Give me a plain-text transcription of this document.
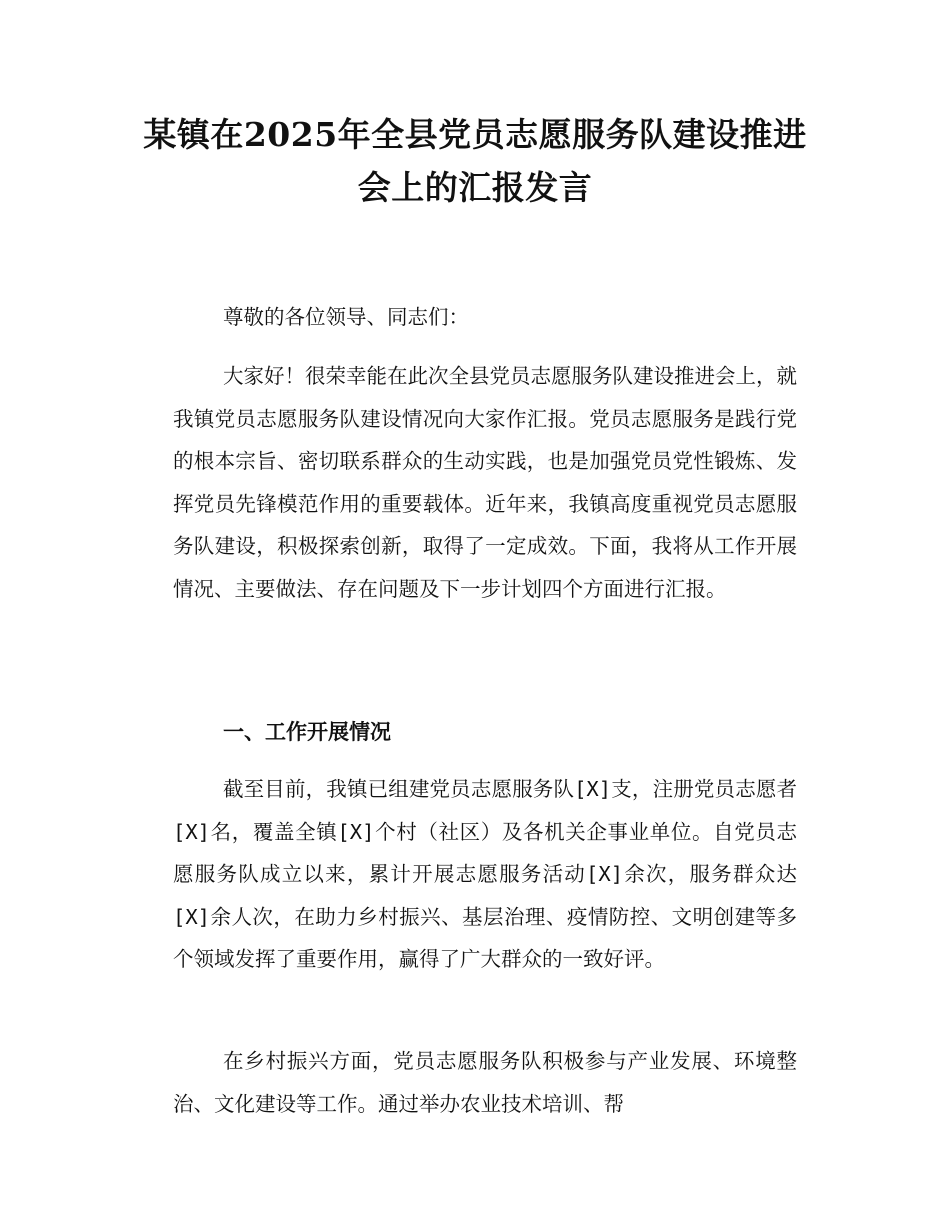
某镇在2025年全县党员志愿服务队建设推进
会上的汇报发言

尊敬的各位领导、同志们：

大家好！很荣幸能在此次全县党员志愿服务队建设推进会上，就我镇党员志愿服务队建设情况向大家作汇报。党员志愿服务是践行党的根本宗旨、密切联系群众的生动实践，也是加强党员党性锻炼、发挥党员先锋模范作用的重要载体。近年来，我镇高度重视党员志愿服务队建设，积极探索创新，取得了一定成效。下面，我将从工作开展情况、主要做法、存在问题及下一步计划四个方面进行汇报。

一、工作开展情况

截至目前，我镇已组建党员志愿服务队[X]支，注册党员志愿者[X]名，覆盖全镇[X]个村（社区）及各机关企事业单位。自党员志愿服务队成立以来，累计开展志愿服务活动[X]余次，服务群众达[X]余人次，在助力乡村振兴、基层治理、疫情防控、文明创建等多个领域发挥了重要作用，赢得了广大群众的一致好评。

在乡村振兴方面，党员志愿服务队积极参与产业发展、环境整治、文化建设等工作。通过举办农业技术培训、帮
